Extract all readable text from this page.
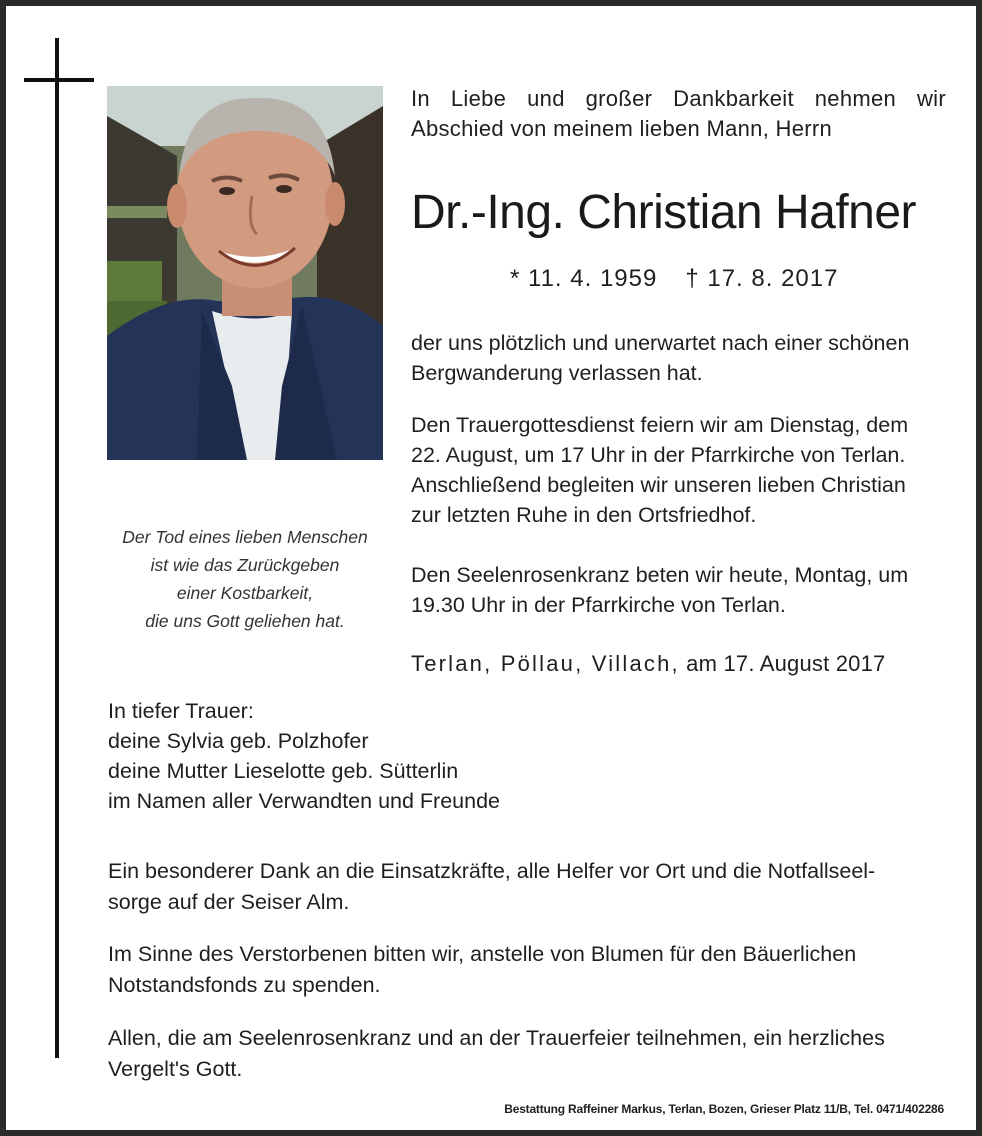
Der Tod eines lieben Menschen
ist wie das Zurückgeben
einer Kostbarkeit,
die uns Gott geliehen hat.
In Liebe und großer Dankbarkeit nehmen wir
Abschied von meinem lieben Mann, Herrn
Dr.-Ing. Christian Hafner
* 11. 4. 1959 † 17. 8. 2017
der uns plötzlich und unerwartet nach einer schönen
Bergwanderung verlassen hat.
Den Trauergottesdienst feiern wir am Dienstag, dem
22. August, um 17 Uhr in der Pfarrkirche von Terlan.
Anschließend begleiten wir unseren lieben Christian
zur letzten Ruhe in den Ortsfriedhof.
Den Seelenrosenkranz beten wir heute, Montag, um
19.30 Uhr in der Pfarrkirche von Terlan.
Terlan, Pöllau, Villach, am 17. August 2017
In tiefer Trauer:
deine Sylvia geb. Polzhofer
deine Mutter Lieselotte geb. Sütterlin
im Namen aller Verwandten und Freunde
Ein besonderer Dank an die Einsatzkräfte, alle Helfer vor Ort und die Notfallseel-
sorge auf der Seiser Alm.
Im Sinne des Verstorbenen bitten wir, anstelle von Blumen für den Bäuerlichen
Notstandsfonds zu spenden.
Allen, die am Seelenrosenkranz und an der Trauerfeier teilnehmen, ein herzliches
Vergelt's Gott.
Bestattung Raffeiner Markus, Terlan, Bozen, Grieser Platz 11/B, Tel. 0471/402286
